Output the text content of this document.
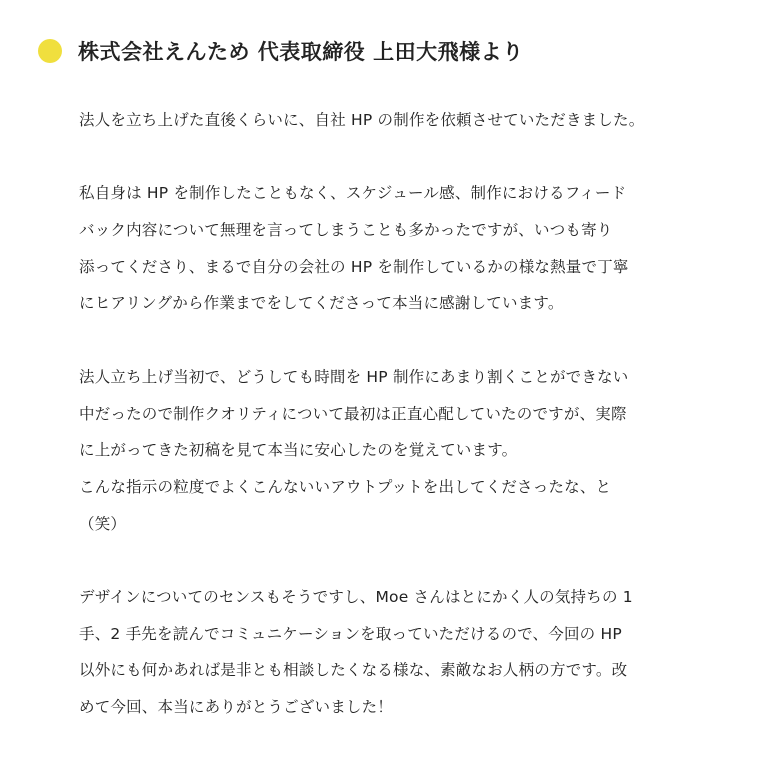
株式会社えんため 代表取締役 上田大飛様より
法人を立ち上げた直後くらいに、自社 HP の制作を依頼させていただきました。
私自身は HP を制作したこともなく、スケジュール感、制作におけるフィード
バック内容について無理を言ってしまうことも多かったですが、いつも寄り
添ってくださり、まるで自分の会社の HP を制作しているかの様な熱量で丁寧
にヒアリングから作業までをしてくださって本当に感謝しています。
法人立ち上げ当初で、どうしても時間を HP 制作にあまり割くことができない
中だったので制作クオリティについて最初は正直心配していたのですが、実際
に上がってきた初稿を見て本当に安心したのを覚えています。
こんな指示の粒度でよくこんないいアウトプットを出してくださったな、と
（笑）
デザインについてのセンスもそうですし、Moe さんはとにかく人の気持ちの 1
手、2 手先を読んでコミュニケーションを取っていただけるので、今回の HP
以外にも何かあれば是非とも相談したくなる様な、素敵なお人柄の方です。改
めて今回、本当にありがとうございました！
